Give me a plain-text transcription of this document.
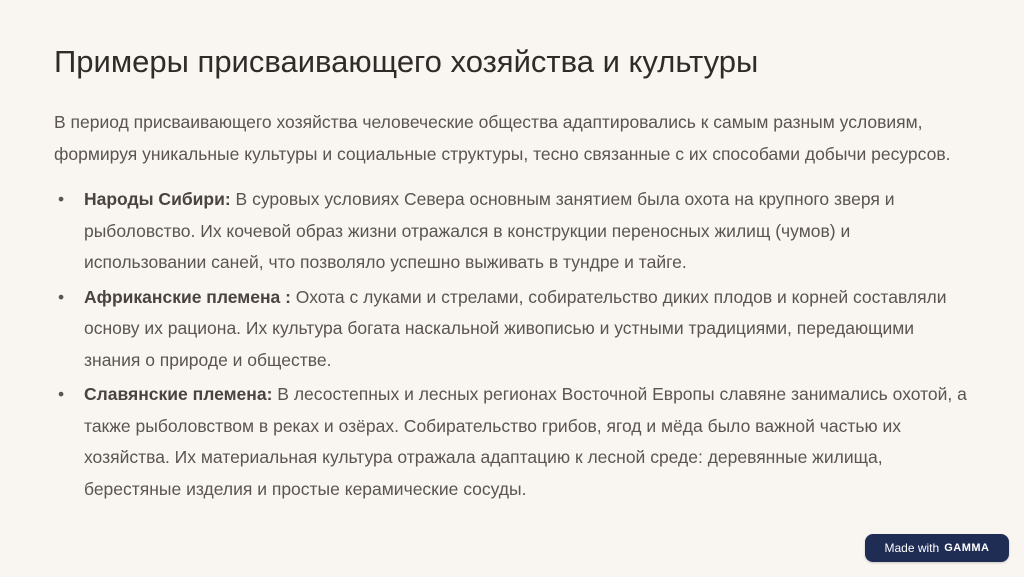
Примеры присваивающего хозяйства и культуры

В период присваивающего хозяйства человеческие общества адаптировались к самым разным условиям, формируя уникальные культуры и социальные структуры, тесно связанные с их способами добычи ресурсов.

• Народы Сибири: В суровых условиях Севера основным занятием была охота на крупного зверя и рыболовство. Их кочевой образ жизни отражался в конструкции переносных жилищ (чумов) и использовании саней, что позволяло успешно выживать в тундре и тайге.
• Африканские племена : Охота с луками и стрелами, собирательство диких плодов и корней составляли основу их рациона. Их культура богата наскальной живописью и устными традициями, передающими знания о природе и обществе.
• Славянские племена: В лесостепных и лесных регионах Восточной Европы славяне занимались охотой, а также рыболовством в реках и озёрах. Собирательство грибов, ягод и мёда было важной частью их хозяйства. Их материальная культура отражала адаптацию к лесной среде: деревянные жилища, берестяные изделия и простые керамические сосуды.
Made with GAMMA
